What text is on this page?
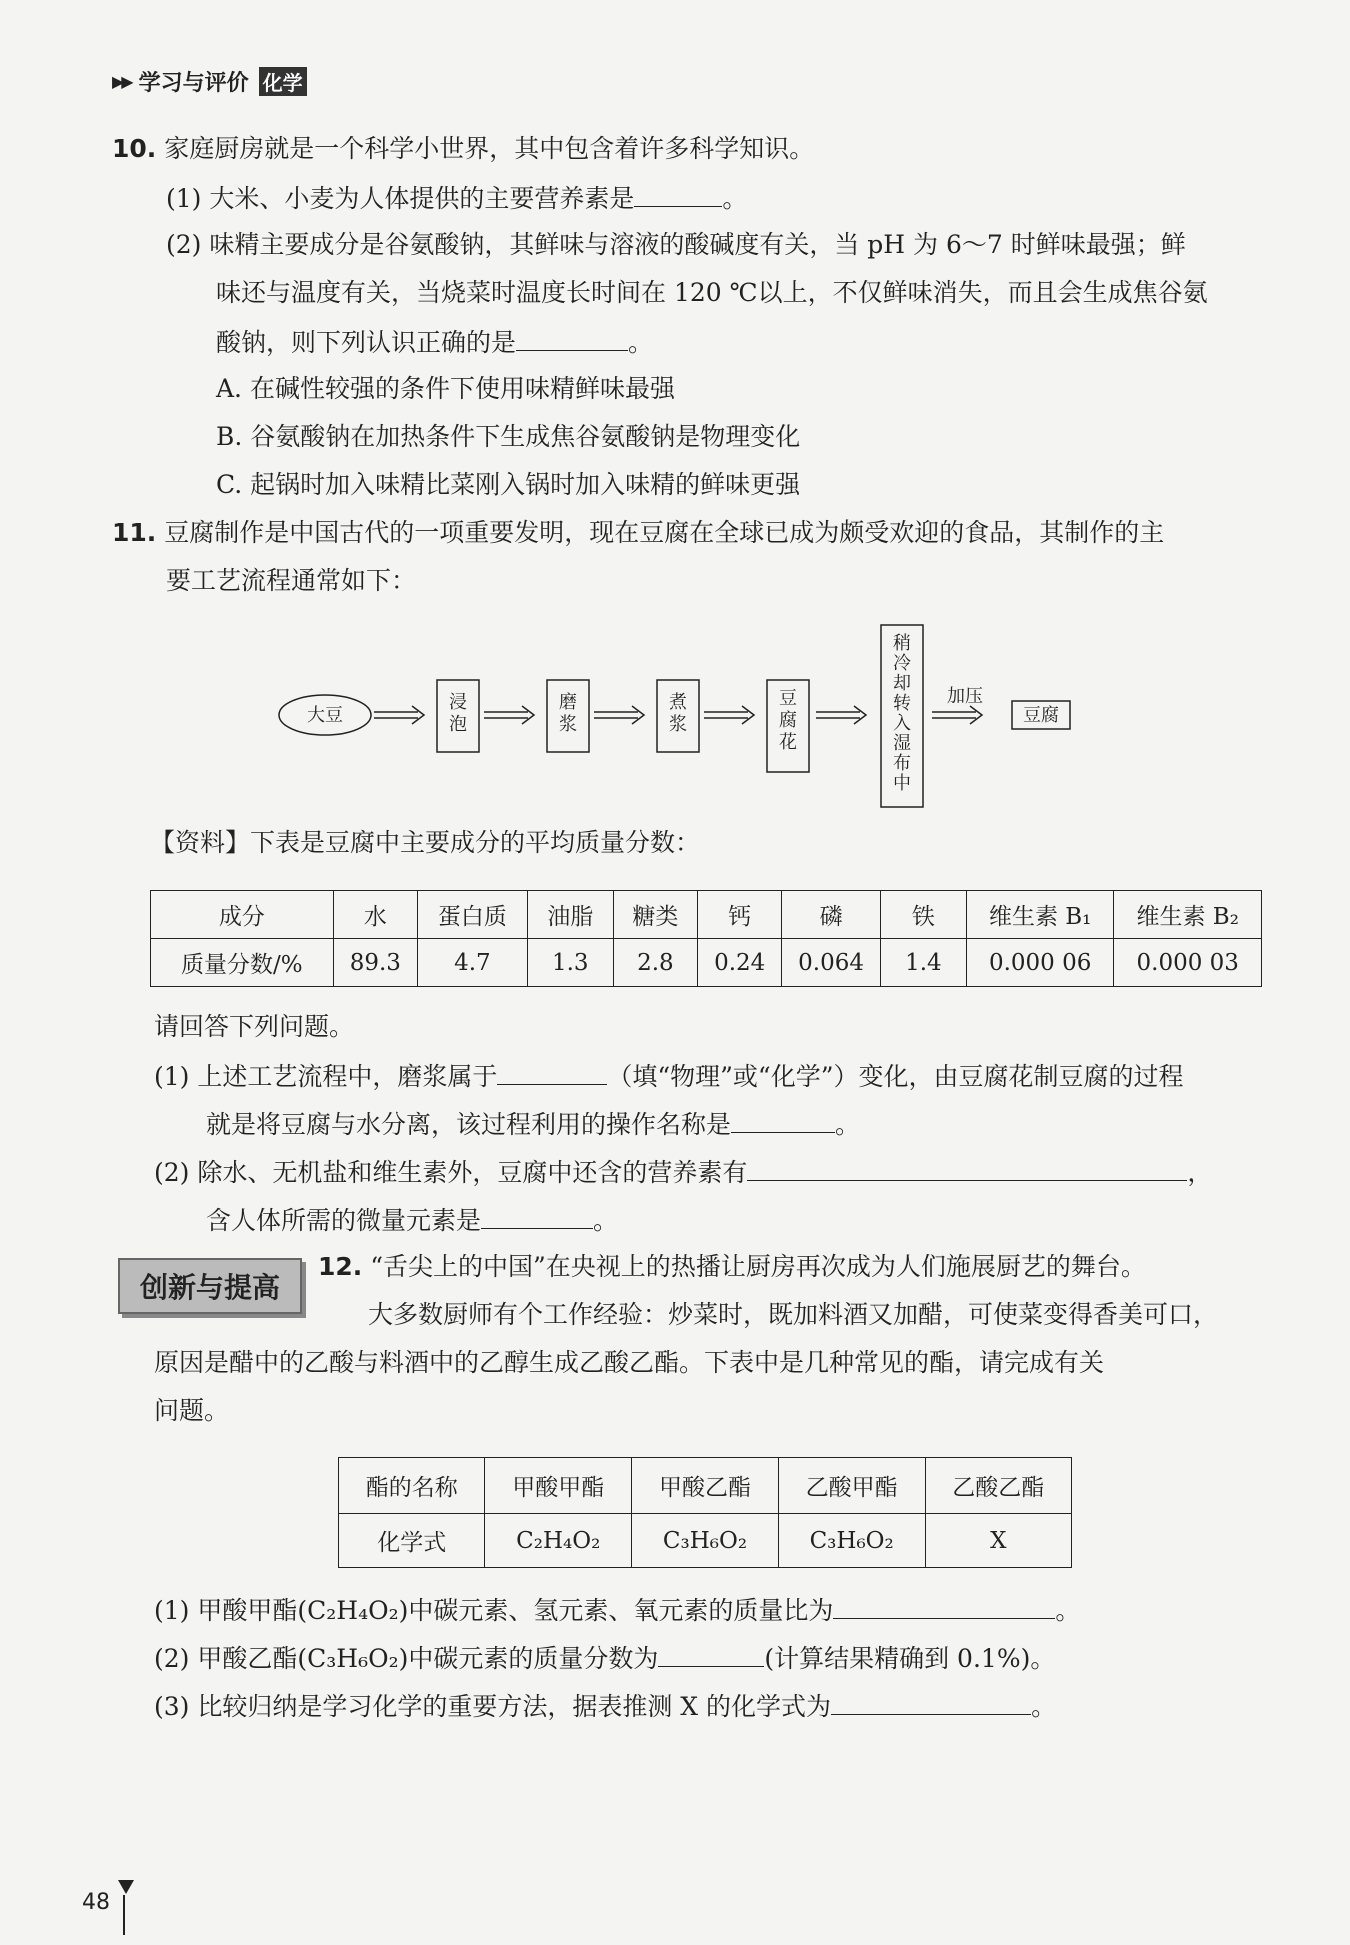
▶▶ 学习与评价 化学
10. 家庭厨房就是一个科学小世界，其中包含着许多科学知识。
(1) 大米、小麦为人体提供的主要营养素是	。
(2) 味精主要成分是谷氨酸钠，其鲜味与溶液的酸碱度有关，当 pH 为 6～7 时鲜味最强；鲜
味还与温度有关，当烧菜时温度长时间在 120 ℃以上，不仅鲜味消失，而且会生成焦谷氨
酸钠，则下列认识正确的是	。
A. 在碱性较强的条件下使用味精鲜味最强
B. 谷氨酸钠在加热条件下生成焦谷氨酸钠是物理变化
C. 起锅时加入味精比菜刚入锅时加入味精的鲜味更强
11. 豆腐制作是中国古代的一项重要发明，现在豆腐在全球已成为颇受欢迎的食品，其制作的主
要工艺流程通常如下：
大豆
浸
泡
磨
浆
煮
浆
豆
腐
花
稍
冷
却
转
入
湿
布
中
加压
豆腐
【资料】下表是豆腐中主要成分的平均质量分数：
成分	水	蛋白质	油脂	糖类	钙	磷	铁	维生素 B₁	维生素 B₂
质量分数/%	89.3	4.7	1.3	2.8	0.24	0.064	1.4	0.000 06	0.000 03
请回答下列问题。
(1) 上述工艺流程中，磨浆属于	（填“物理”或“化学”）变化，由豆腐花制豆腐的过程
就是将豆腐与水分离，该过程利用的操作名称是	。
(2) 除水、无机盐和维生素外，豆腐中还含的营养素有	，
含人体所需的微量元素是	。
创新与提高
12. “舌尖上的中国”在央视上的热播让厨房再次成为人们施展厨艺的舞台。
大多数厨师有个工作经验：炒菜时，既加料酒又加醋，可使菜变得香美可口，
原因是醋中的乙酸与料酒中的乙醇生成乙酸乙酯。下表中是几种常见的酯，请完成有关
问题。
酯的名称	甲酸甲酯	甲酸乙酯	乙酸甲酯	乙酸乙酯
化学式	C₂H₄O₂	C₃H₆O₂	C₃H₆O₂	X
(1) 甲酸甲酯(C₂H₄O₂)中碳元素、氢元素、氧元素的质量比为	。
(2) 甲酸乙酯(C₃H₆O₂)中碳元素的质量分数为	(计算结果精确到 0.1%)。
(3) 比较归纳是学习化学的重要方法，据表推测 X 的化学式为	。
48
